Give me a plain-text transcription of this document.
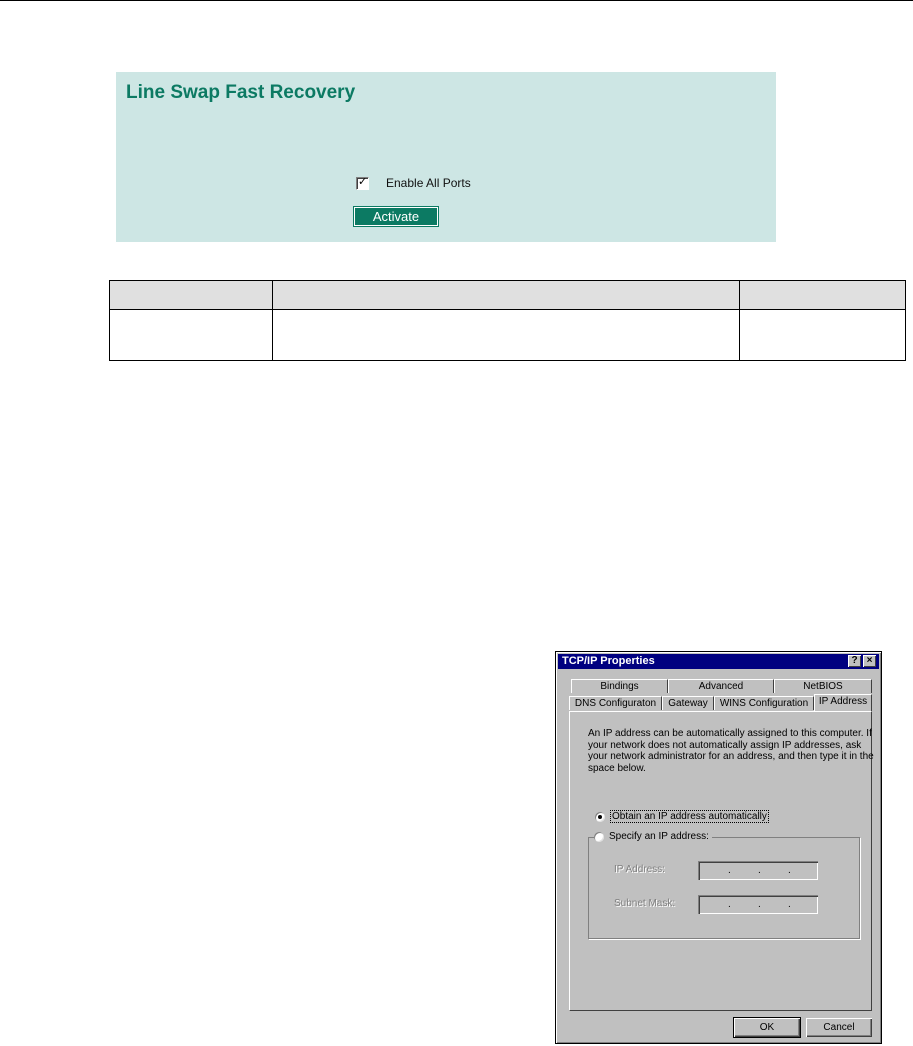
Line Swap Fast Recovery
✓ Enable All Ports
Activate

TCP/IP Properties	? ×
Bindings	Advanced	NetBIOS
DNS Configuraton	Gateway	WINS Configuration	IP Address
An IP address can be automatically assigned to this computer. If your network does not automatically assign IP addresses, ask your network administrator for an address, and then type it in the space below.
Obtain an IP address automatically
Specify an IP address:
IP Address:	.	.	.
Subnet Mask:	.	.	.
OK	Cancel
